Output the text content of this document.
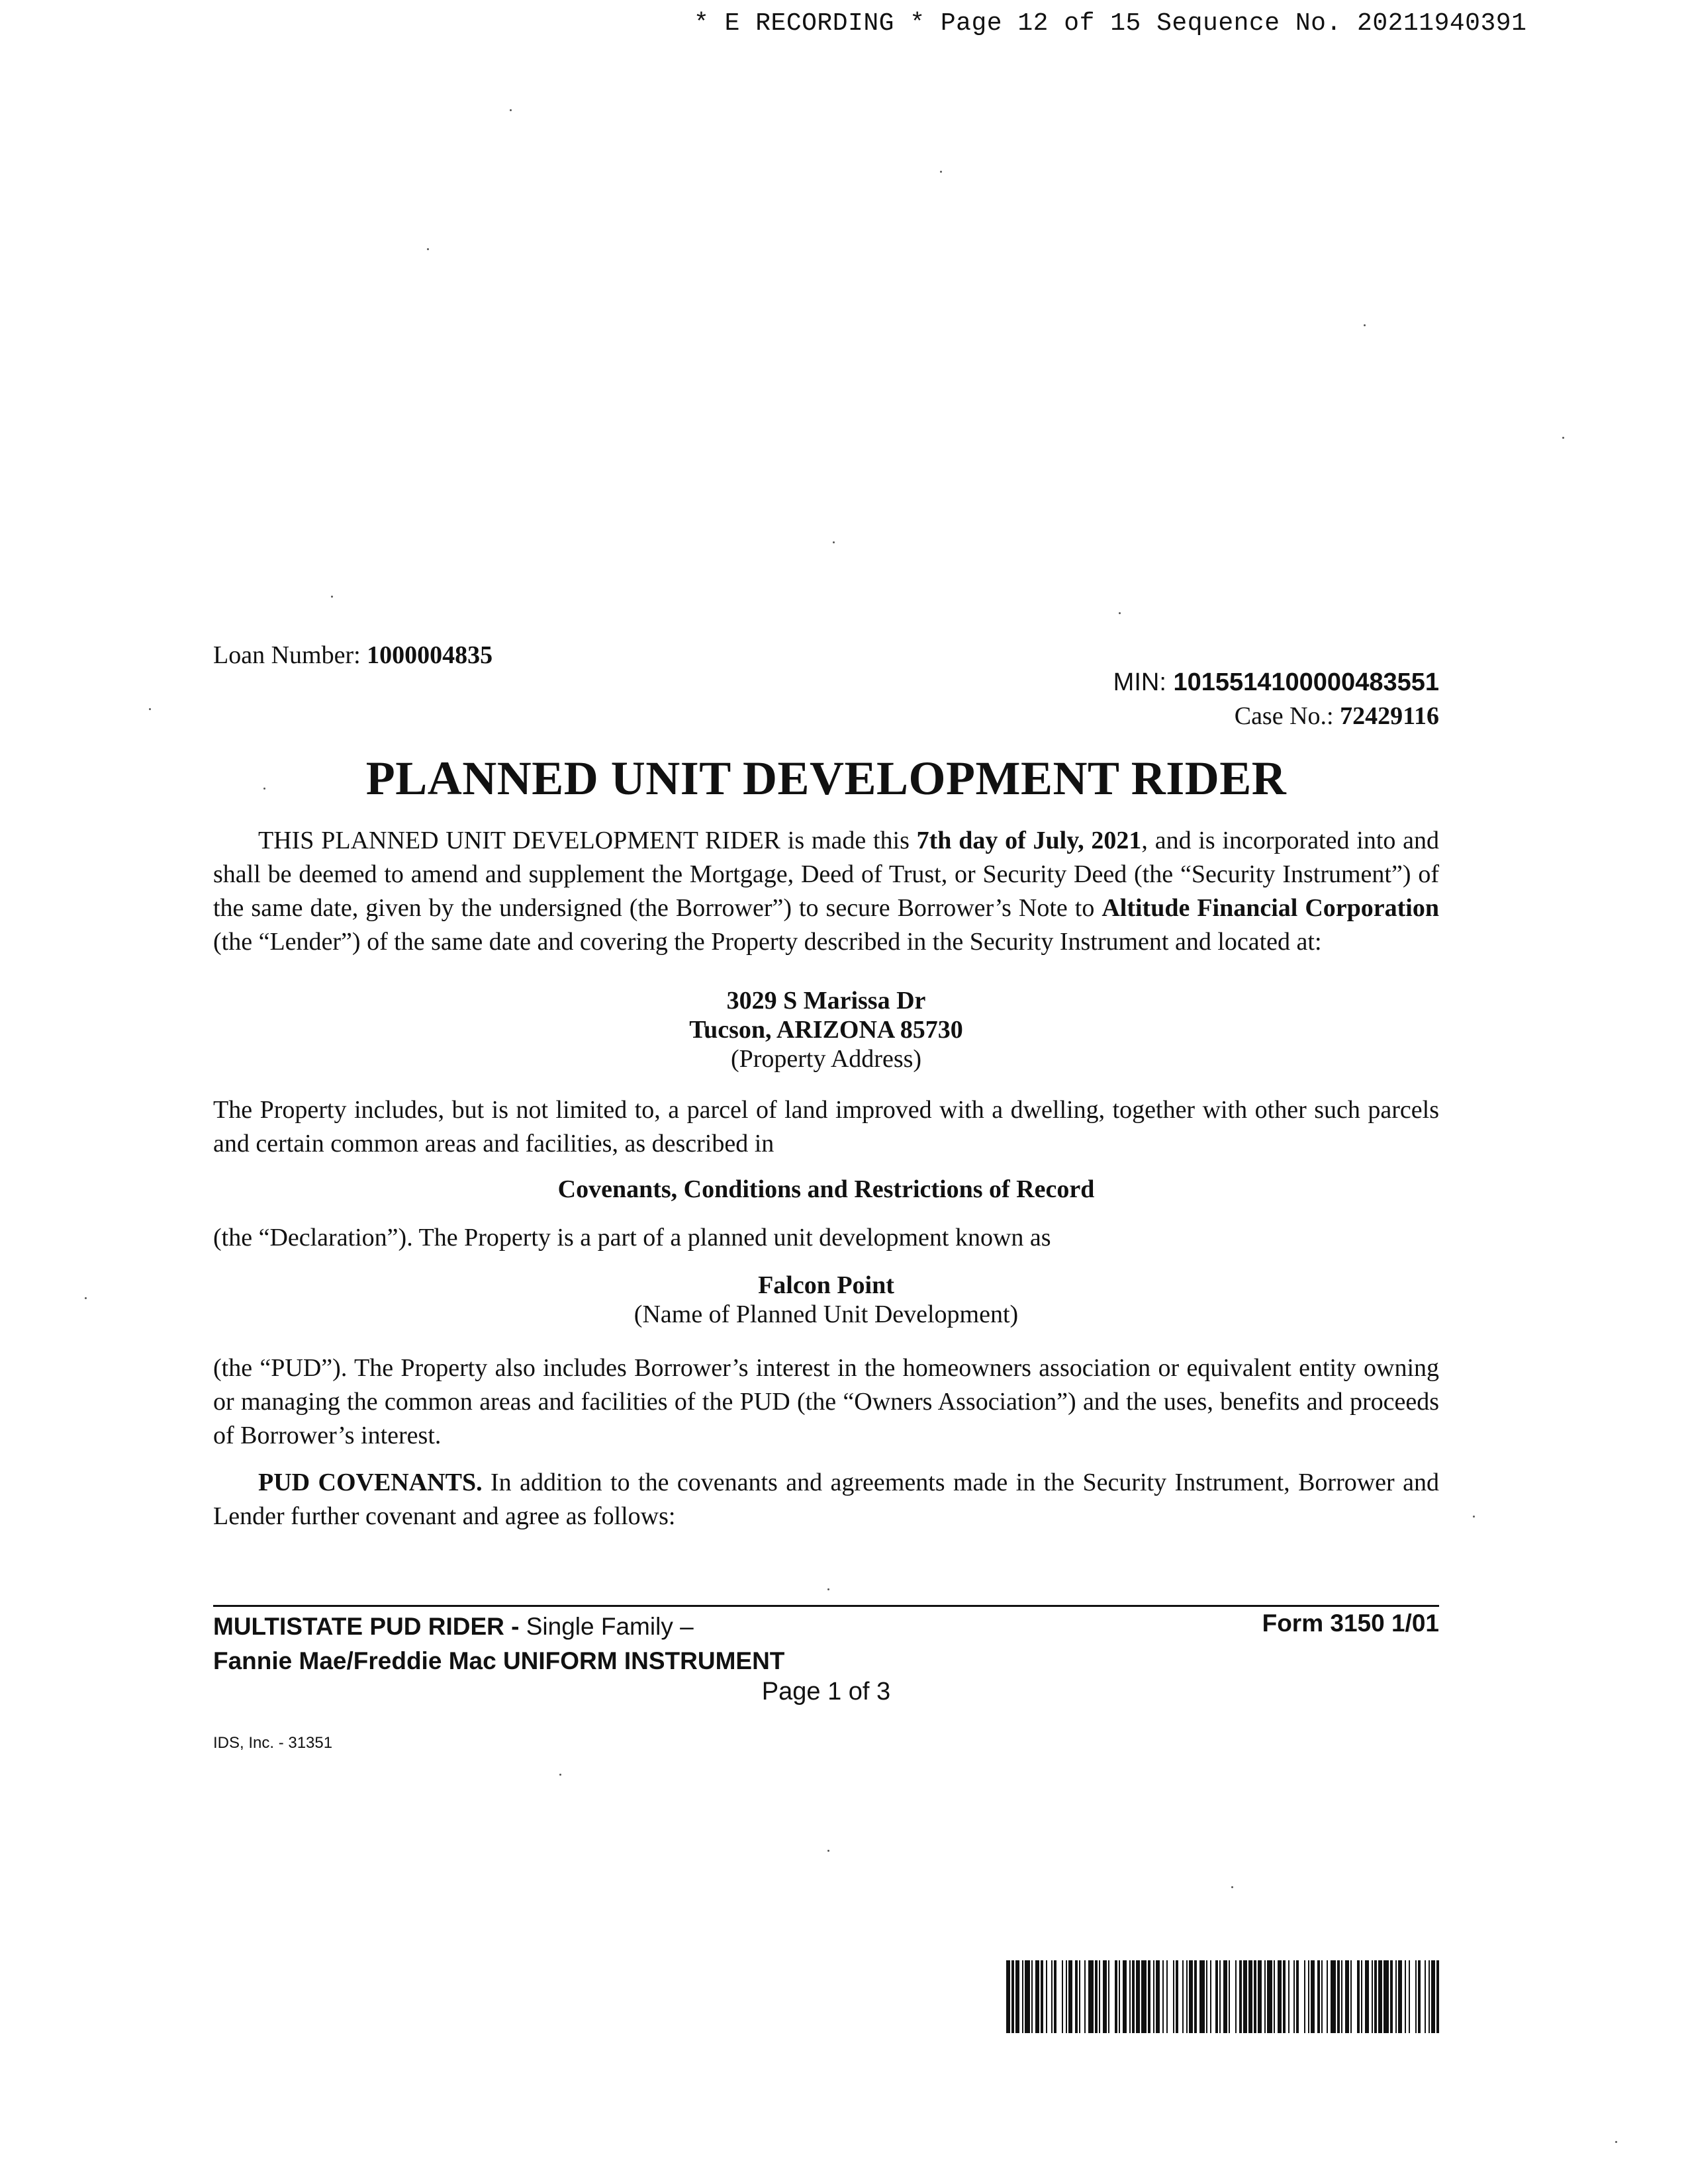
* E RECORDING * Page 12 of 15 Sequence No. 20211940391
Loan Number: 1000004835
MIN: 1015514100000483551
Case No.: 72429116
PLANNED UNIT DEVELOPMENT RIDER

THIS PLANNED UNIT DEVELOPMENT RIDER is made this 7th day of July, 2021, and is incorporated into and shall be deemed to amend and supplement the Mortgage, Deed of Trust, or Security Deed (the “Security Instrument”) of the same date, given by the undersigned (the Borrower”) to secure Borrower’s Note to Altitude Financial Corporation (the “Lender”) of the same date and covering the Property described in the Security Instrument and located at:

3029 S Marissa Dr
Tucson, ARIZONA 85730
(Property Address)

The Property includes, but is not limited to, a parcel of land improved with a dwelling, together with other such parcels and certain common areas and facilities, as described in

Covenants, Conditions and Restrictions of Record

(the “Declaration”). The Property is a part of a planned unit development known as

Falcon Point
(Name of Planned Unit Development)

(the “PUD”). The Property also includes Borrower’s interest in the homeowners association or equivalent entity owning or managing the common areas and facilities of the PUD (the “Owners Association”) and the uses, benefits and proceeds of Borrower’s interest.

PUD COVENANTS. In addition to the covenants and agreements made in the Security Instrument, Borrower and Lender further covenant and agree as follows:

MULTISTATE PUD RIDER - Single Family –
Fannie Mae/Freddie Mac UNIFORM INSTRUMENT
Form 3150 1/01
Page 1 of 3
IDS, Inc. - 31351
